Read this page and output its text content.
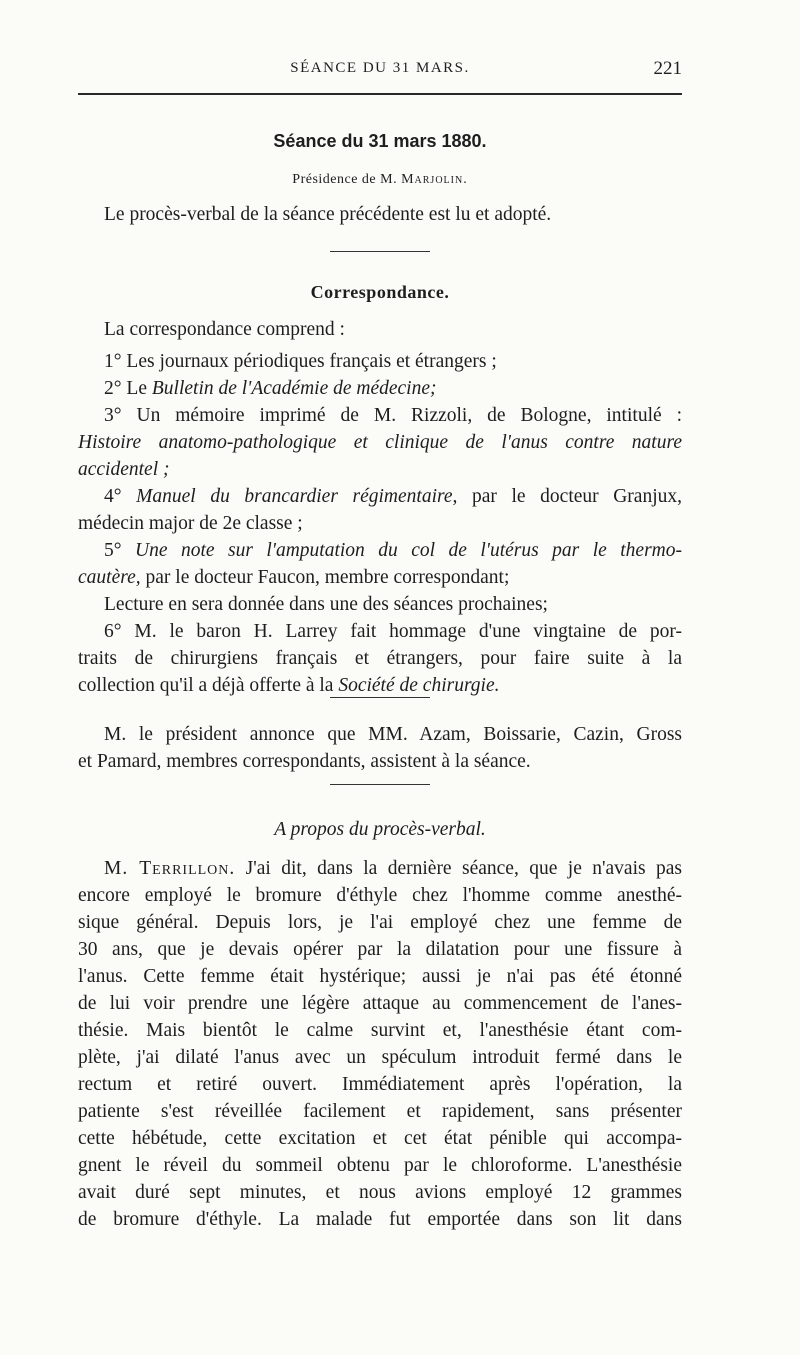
SÉANCE DU 31 MARS.	221
Séance du 31 mars 1880.
Présidence de M. Marjolin.
Le procès-verbal de la séance précédente est lu et adopté.
Correspondance.
La correspondance comprend :
1° Les journaux périodiques français et étrangers ;
2° Le Bulletin de l'Académie de médecine;
3° Un mémoire imprimé de M. Rizzoli, de Bologne, intitulé :
Histoire anatomo-pathologique et clinique de l'anus contre nature
accidentel ;
4° Manuel du brancardier régimentaire, par le docteur Granjux,
médecin major de 2e classe ;
5° Une note sur l'amputation du col de l'utérus par le thermo-
cautère, par le docteur Faucon, membre correspondant;
Lecture en sera donnée dans une des séances prochaines;
6° M. le baron H. Larrey fait hommage d'une vingtaine de por-
traits de chirurgiens français et étrangers, pour faire suite à la
collection qu'il a déjà offerte à la Société de chirurgie.
M. le président annonce que MM. Azam, Boissarie, Cazin, Gross
et Pamard, membres correspondants, assistent à la séance.
A propos du procès-verbal.
M. Terrillon. J'ai dit, dans la dernière séance, que je n'avais pas
encore employé le bromure d'éthyle chez l'homme comme anesthé-
sique général. Depuis lors, je l'ai employé chez une femme de
30 ans, que je devais opérer par la dilatation pour une fissure à
l'anus. Cette femme était hystérique; aussi je n'ai pas été étonné
de lui voir prendre une légère attaque au commencement de l'anes-
thésie. Mais bientôt le calme survint et, l'anesthésie étant com-
plète, j'ai dilaté l'anus avec un spéculum introduit fermé dans le
rectum et retiré ouvert. Immédiatement après l'opération, la
patiente s'est réveillée facilement et rapidement, sans présenter
cette hébétude, cette excitation et cet état pénible qui accompa-
gnent le réveil du sommeil obtenu par le chloroforme. L'anesthésie
avait duré sept minutes, et nous avions employé 12 grammes
de bromure d'éthyle. La malade fut emportée dans son lit dans
